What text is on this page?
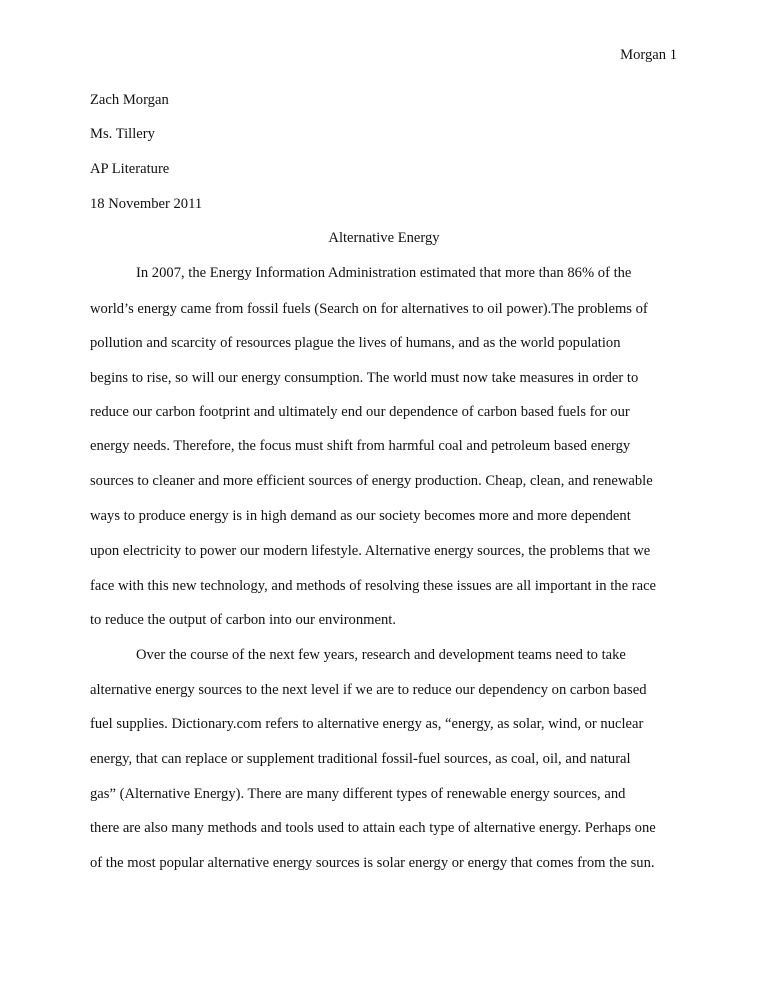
Morgan 1
Zach Morgan
Ms. Tillery
AP Literature
18 November 2011
Alternative Energy
In 2007, the Energy Information Administration estimated that more than 86% of the
world’s energy came from fossil fuels (Search on for alternatives to oil power).The problems of
pollution and scarcity of resources plague the lives of humans, and as the world population
begins to rise, so will our energy consumption. The world must now take measures in order to
reduce our carbon footprint and ultimately end our dependence of carbon based fuels for our
energy needs. Therefore, the focus must shift from harmful coal and petroleum based energy
sources to cleaner and more efficient sources of energy production. Cheap, clean, and renewable
ways to produce energy is in high demand as our society becomes more and more dependent
upon electricity to power our modern lifestyle. Alternative energy sources, the problems that we
face with this new technology, and methods of resolving these issues are all important in the race
to reduce the output of carbon into our environment.
Over the course of the next few years, research and development teams need to take
alternative energy sources to the next level if we are to reduce our dependency on carbon based
fuel supplies. Dictionary.com refers to alternative energy as, “energy, as solar, wind, or nuclear
energy, that can replace or supplement traditional fossil-fuel sources, as coal, oil, and natural
gas” (Alternative Energy). There are many different types of renewable energy sources, and
there are also many methods and tools used to attain each type of alternative energy. Perhaps one
of the most popular alternative energy sources is solar energy or energy that comes from the sun.
